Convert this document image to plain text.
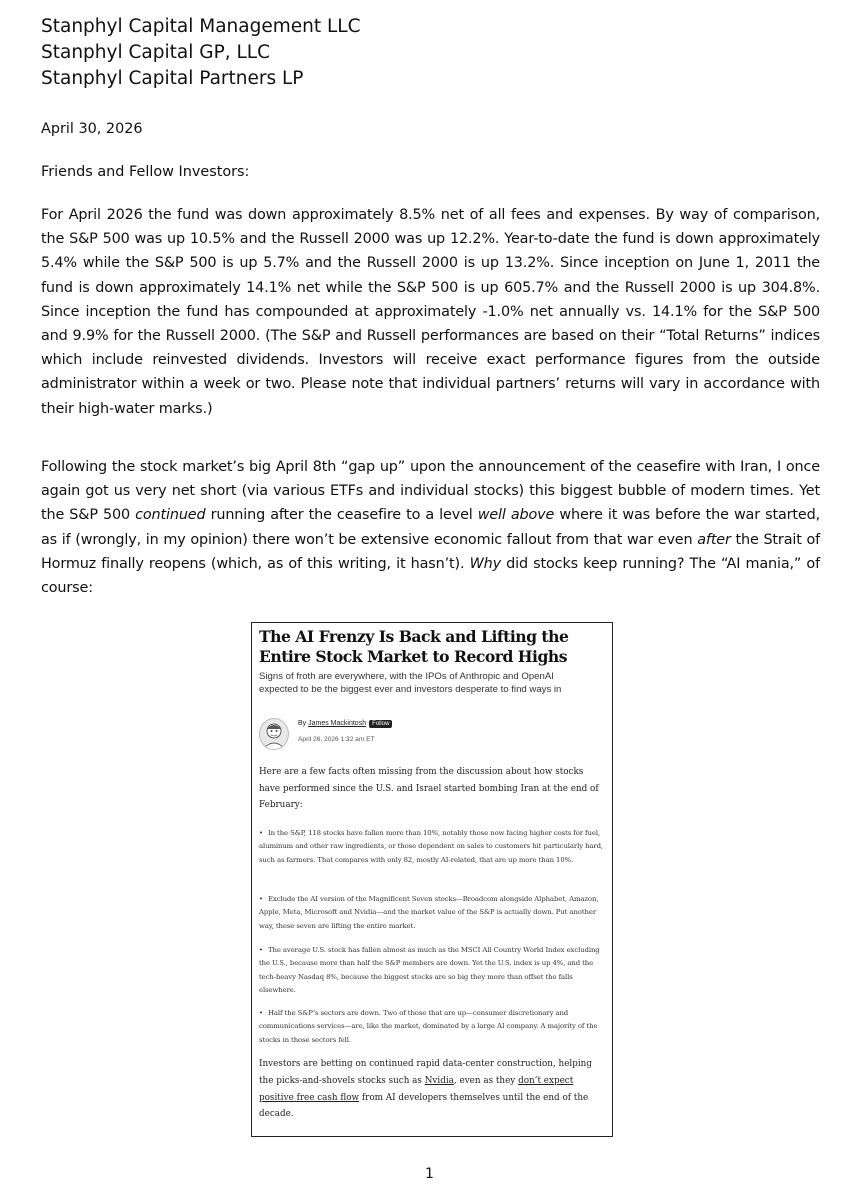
Stanphyl Capital Management LLC
Stanphyl Capital GP, LLC
Stanphyl Capital Partners LP
April 30, 2026
Friends and Fellow Investors:

For April 2026 the fund was down approximately 8.5% net of all fees and expenses. By way of comparison, the S&P 500 was up 10.5% and the Russell 2000 was up 12.2%. Year-to-date the fund is down approximately 5.4% while the S&P 500 is up 5.7% and the Russell 2000 is up 13.2%. Since inception on June 1, 2011 the fund is down approximately 14.1% net while the S&P 500 is up 605.7% and the Russell 2000 is up 304.8%. Since inception the fund has compounded at approximately -1.0% net annually vs. 14.1% for the S&P 500 and 9.9% for the Russell 2000. (The S&P and Russell performances are based on their “Total Returns” indices which include reinvested dividends. Investors will receive exact performance figures from the outside administrator within a week or two. Please note that individual partners’ returns will vary in accordance with their high-water marks.)

Following the stock market’s big April 8th “gap up” upon the announcement of the ceasefire with Iran, I once again got us very net short (via various ETFs and individual stocks) this biggest bubble of modern times. Yet the S&P 500 continued running after the ceasefire to a level well above where it was before the war started, as if (wrongly, in my opinion) there won’t be extensive economic fallout from that war even after the Strait of Hormuz finally reopens (which, as of this writing, it hasn’t). Why did stocks keep running? The “AI mania,” of course:

The AI Frenzy Is Back and Lifting the Entire Stock Market to Record Highs
Signs of froth are everywhere, with the IPOs of Anthropic and OpenAI expected to be the biggest ever and investors desperate to find ways in
By James Mackintosh Follow
April 26, 2026 1:32 am ET

Here are a few facts often missing from the discussion about how stocks have performed since the U.S. and Israel started bombing Iran at the end of February:

• In the S&P, 118 stocks have fallen more than 10%, notably those now facing higher costs for fuel, aluminum and other raw ingredients, or those dependent on sales to customers hit particularly hard, such as farmers. That compares with only 82, mostly AI-related, that are up more than 10%.
• Exclude the AI version of the Magnificent Seven stocks—Broadcom alongside Alphabet, Amazon, Apple, Meta, Microsoft and Nvidia—and the market value of the S&P is actually down. Put another way, these seven are lifting the entire market.
• The average U.S. stock has fallen almost as much as the MSCI All Country World Index excluding the U.S., because more than half the S&P members are down. Yet the U.S. index is up 4%, and the tech-heavy Nasdaq 8%, because the biggest stocks are so big they more than offset the falls elsewhere.
• Half the S&P’s sectors are down. Two of those that are up—consumer discretionary and communications services—are, like the market, dominated by a large AI company. A majority of the stocks in those sectors fell.

Investors are betting on continued rapid data-center construction, helping the picks-and-shovels stocks such as Nvidia, even as they don’t expect positive free cash flow from AI developers themselves until the end of the decade.

1
